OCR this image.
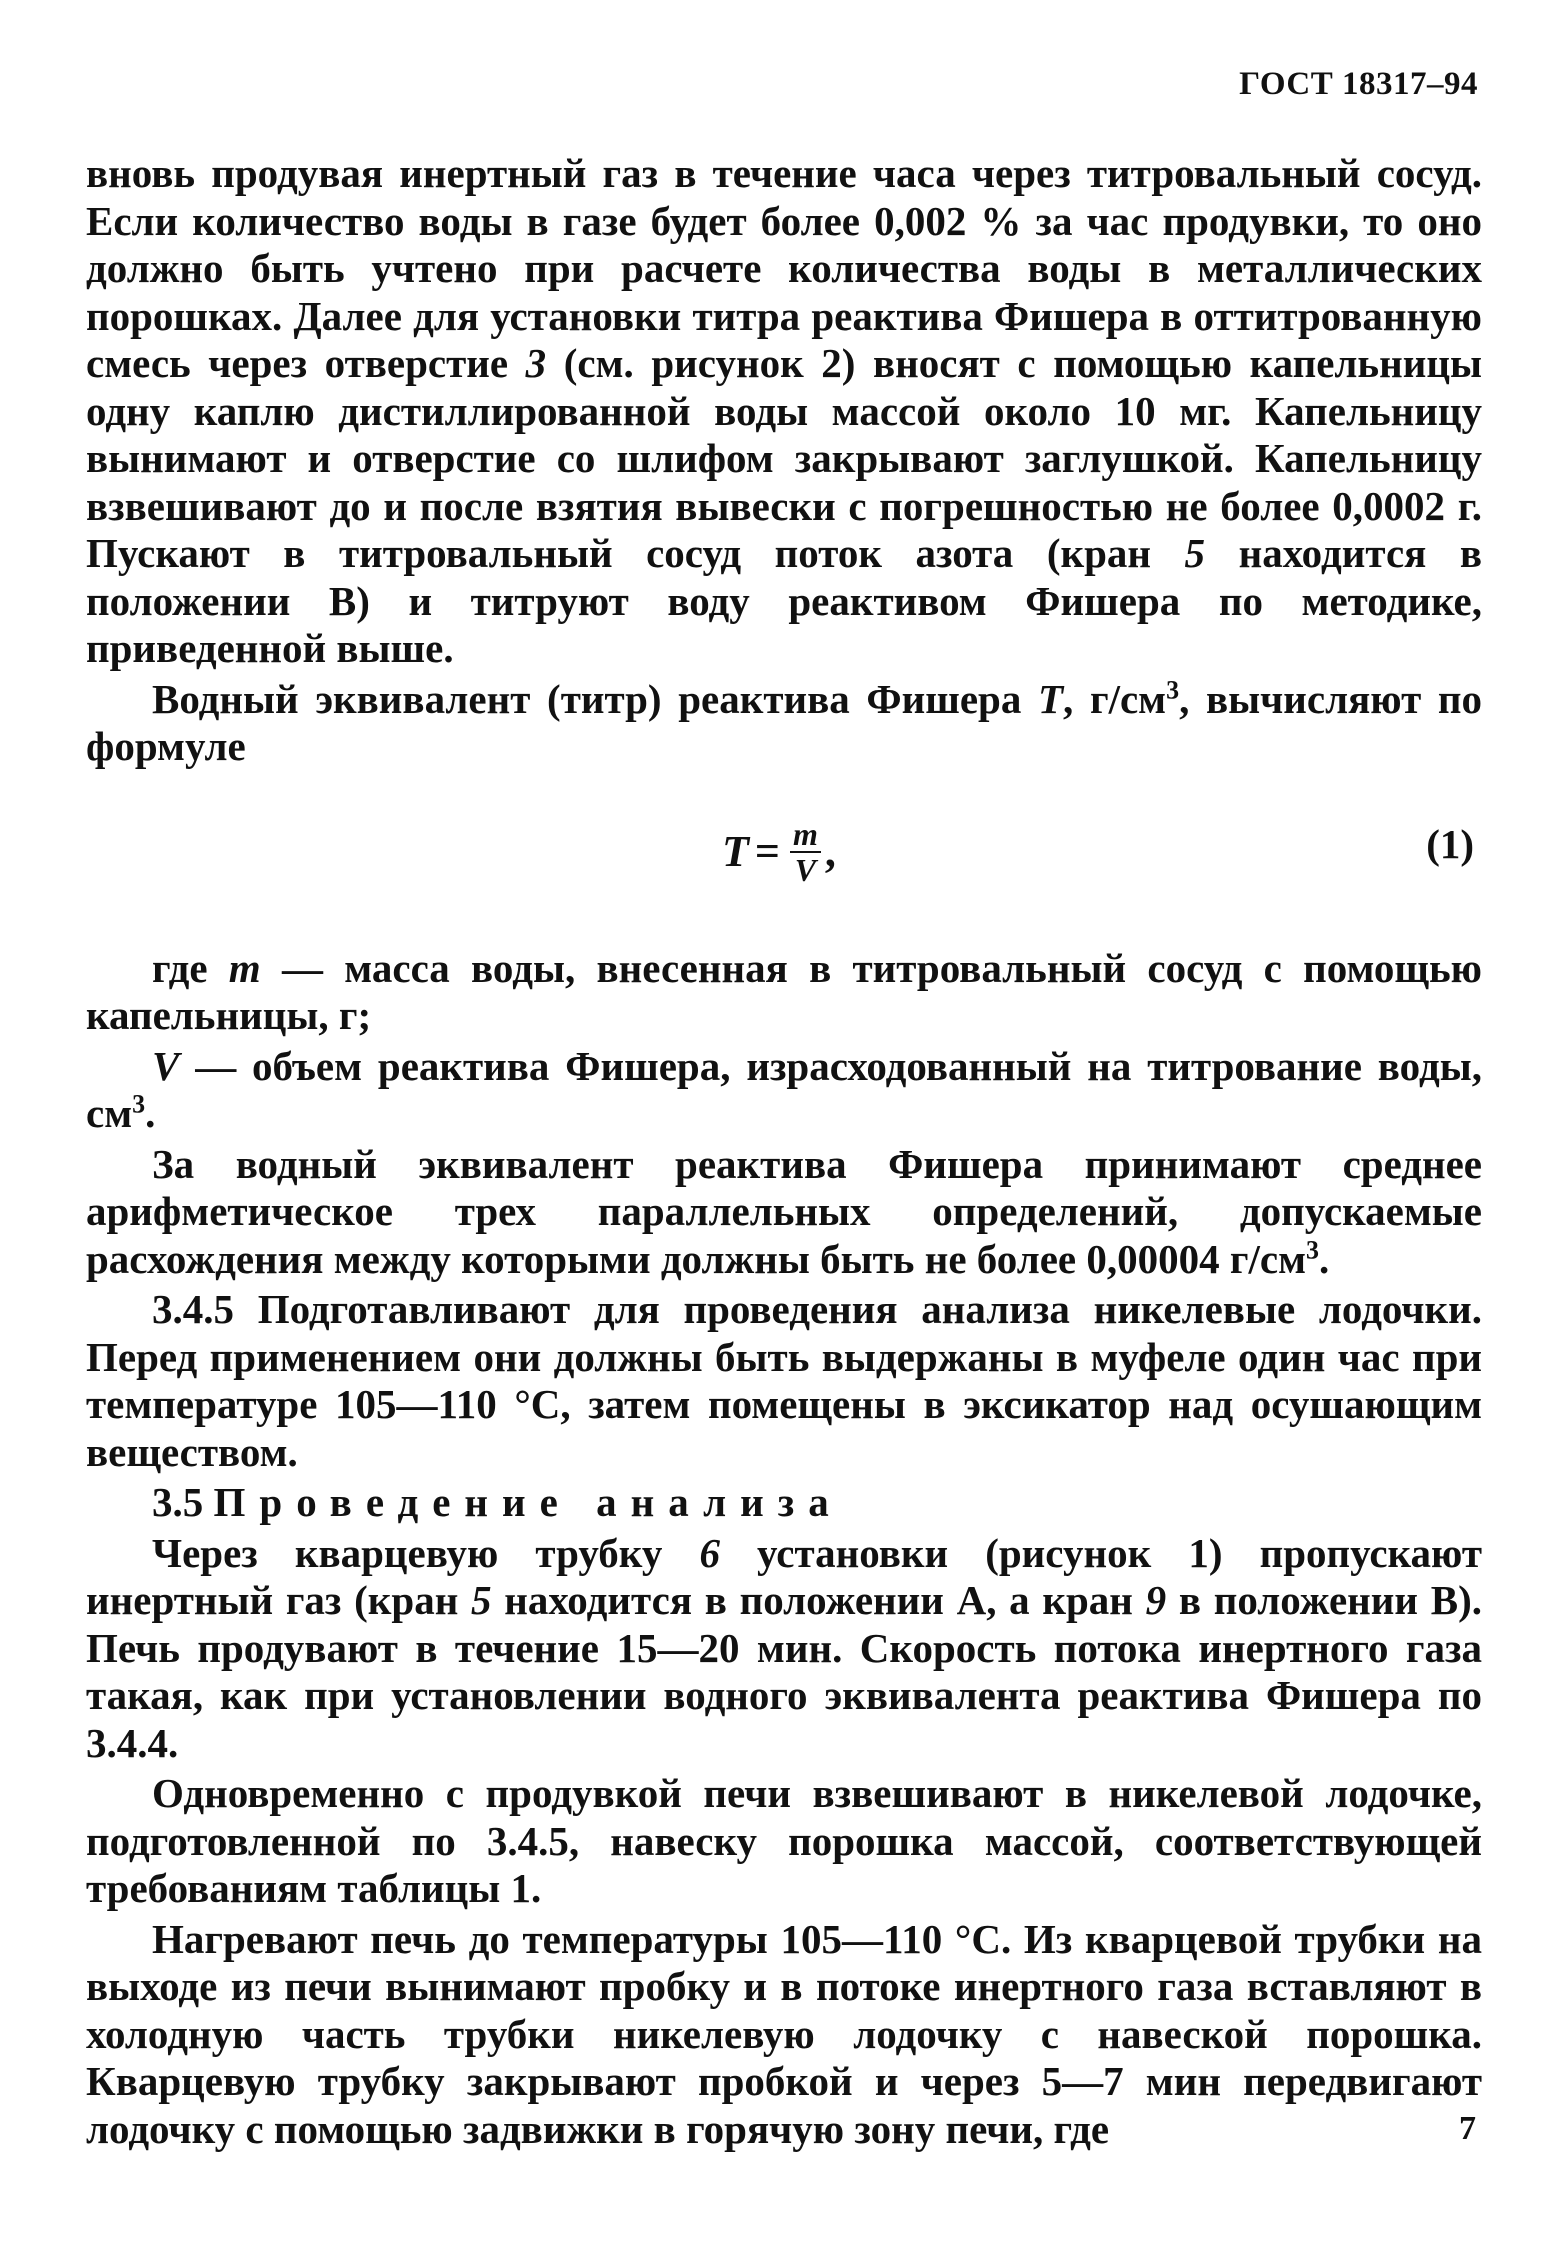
ГОСТ 18317–94

вновь продувая инертный газ в течение часа через титровальный сосуд. Если количество воды в газе будет более 0,002 % за час продувки, то оно должно быть учтено при расчете количества воды в металлических порошках. Далее для установки титра реактива Фишера в оттитрованную смесь через отверстие 3 (см. рисунок 2) вносят с помощью капельницы одну каплю дистиллированной воды массой около 10 мг. Капельницу вынимают и отверстие со шлифом закрывают заглушкой. Капельницу взвешивают до и после взятия вывески с погрешностью не более 0,0002 г. Пускают в титровальный сосуд поток азота (кран 5 находится в положении В) и титруют воду реактивом Фишера по методике, приведенной выше.

Водный эквивалент (титр) реактива Фишера T, $г/см^3$, вычисляют по формуле

$T = \frac{m}{V}$ ,	(1)

где m — масса воды, внесенная в титровальный сосуд с помощью капельницы, г;

V — объем реактива Фишера, израсходованный на титрование воды, $см^3$.

За водный эквивалент реактива Фишера принимают среднее арифметическое трех параллельных определений, допускаемые расхождения между которыми должны быть не более 0,00004 $г/см^3$.

3.4.5 Подготавливают для проведения анализа никелевые лодочки. Перед применением они должны быть выдержаны в муфеле один час при температуре 105—110 °С, затем помещены в эксикатор над осушающим веществом.

3.5 Проведение анализа

Через кварцевую трубку 6 установки (рисунок 1) пропускают инертный газ (кран 5 находится в положении А, а кран 9 в положении В). Печь продувают в течение 15—20 мин. Скорость потока инертного газа такая, как при установлении водного эквивалента реактива Фишера по 3.4.4.

Одновременно с продувкой печи взвешивают в никелевой лодочке, подготовленной по 3.4.5, навеску порошка массой, соответствующей требованиям таблицы 1.

Нагревают печь до температуры 105—110 °С. Из кварцевой трубки на выходе из печи вынимают пробку и в потоке инертного газа вставляют в холодную часть трубки никелевую лодочку с навеской порошка. Кварцевую трубку закрывают пробкой и через 5—7 мин передвигают лодочку с помощью задвижки в горячую зону печи, где	7
